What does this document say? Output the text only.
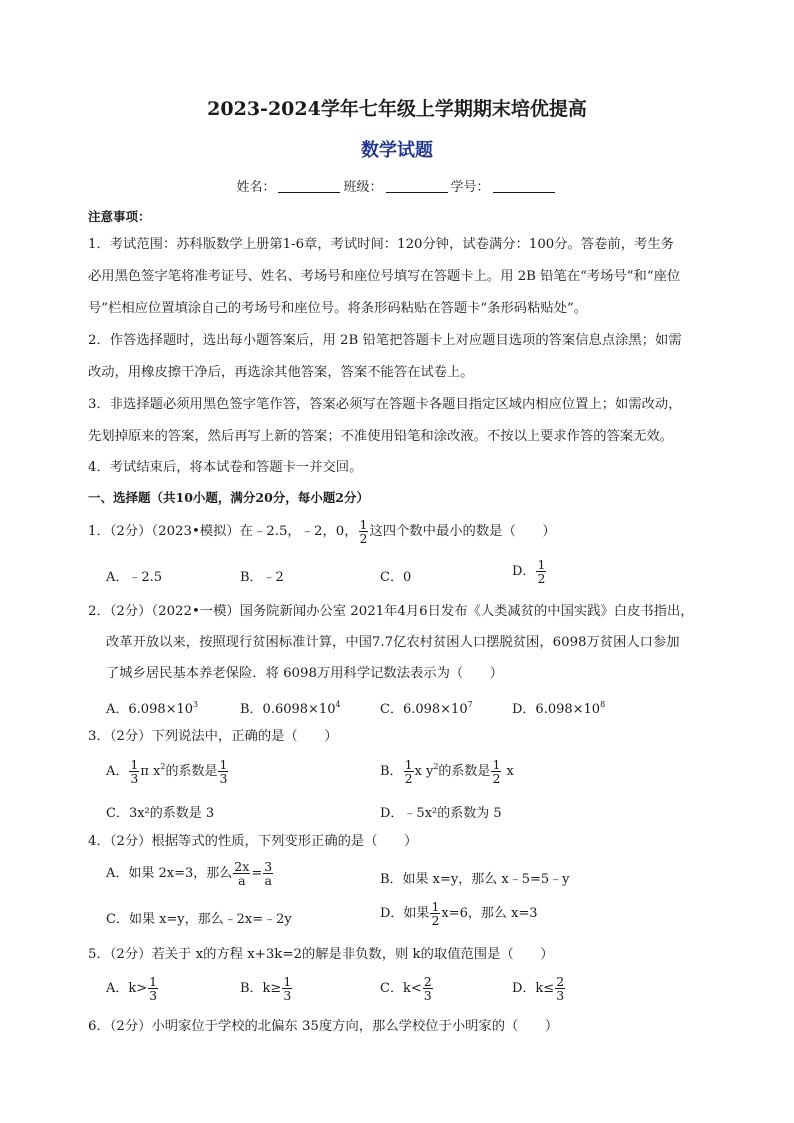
2023-2024学年七年级上学期期末培优提高
数学试题
姓名：	班级：	学号：
注意事项：
1．考试范围：苏科版数学上册第1-6章，考试时间：120分钟，试卷满分：100分。答卷前，考生务
必用黑色签字笔将准考证号、姓名、考场号和座位号填写在答题卡上。用 2B 铅笔在“考场号”和“座位
号”栏相应位置填涂自己的考场号和座位号。将条形码粘贴在答题卡“条形码粘贴处”。
2．作答选择题时，选出每小题答案后，用 2B 铅笔把答题卡上对应题目选项的答案信息点涂黑；如需
改动，用橡皮擦干净后，再选涂其他答案，答案不能答在试卷上。
3．非选择题必须用黑色签字笔作答，答案必须写在答题卡各题目指定区域内相应位置上；如需改动，
先划掉原来的答案，然后再写上新的答案；不准使用铅笔和涂改液。不按以上要求作答的答案无效。
4．考试结束后，将本试卷和答题卡一并交回。
一、选择题（共10小题，满分20分，每小题2分）
1．（2分）（2023•模拟）在﹣2.5，﹣2，0， $\frac{1}{2}$ 这四个数中最小的数是（　　）
A．﹣2.5	B．﹣2	C．0	D． $\frac{1}{2}$
2．（2分）（2022•一模）国务院新闻办公室 2021年4月6日发布《人类减贫的中国实践》白皮书指出，
改革开放以来，按照现行贫困标准计算，中国7.7亿农村贫困人口摆脱贫困，6098万贫困人口参加
了城乡居民基本养老保险．将 6098万用科学记数法表示为（　　）
A．$6.098\times 10^3$	B．$0.6098\times 10^4$	C．$6.098\times 10^7$	D．$6.098\times 10^8$
3．（2分）下列说法中，正确的是（　　）
A． $\frac{1}{3}$ π $x^2$的系数是 $\frac{1}{3}$	B． $\frac{1}{2}$ x $y^2$的系数是 $\frac{1}{2}$ x
C．3x²的系数是 3	D．﹣5x²的系数为 5
4．（2分）根据等式的性质，下列变形正确的是（　　）
A．如果 2x=3，那么 $\frac{2x}{a} = \frac{3}{a}$	B．如果 x=y，那么 x﹣5=5﹣y
C．如果 x=y，那么﹣2x=﹣2y	D．如果 $\frac{1}{2} x=6$，那么 x=3
5．（2分）若关于 x的方程 x+3k=2的解是非负数，则 k的取值范围是（　　）
A．$k> \frac{1}{3}$	B．$k\ge \frac{1}{3}$	C．$k< \frac{2}{3}$	D．$k\le \frac{2}{3}$
6．（2分）小明家位于学校的北偏东 35度方向，那么学校位于小明家的（　　）
